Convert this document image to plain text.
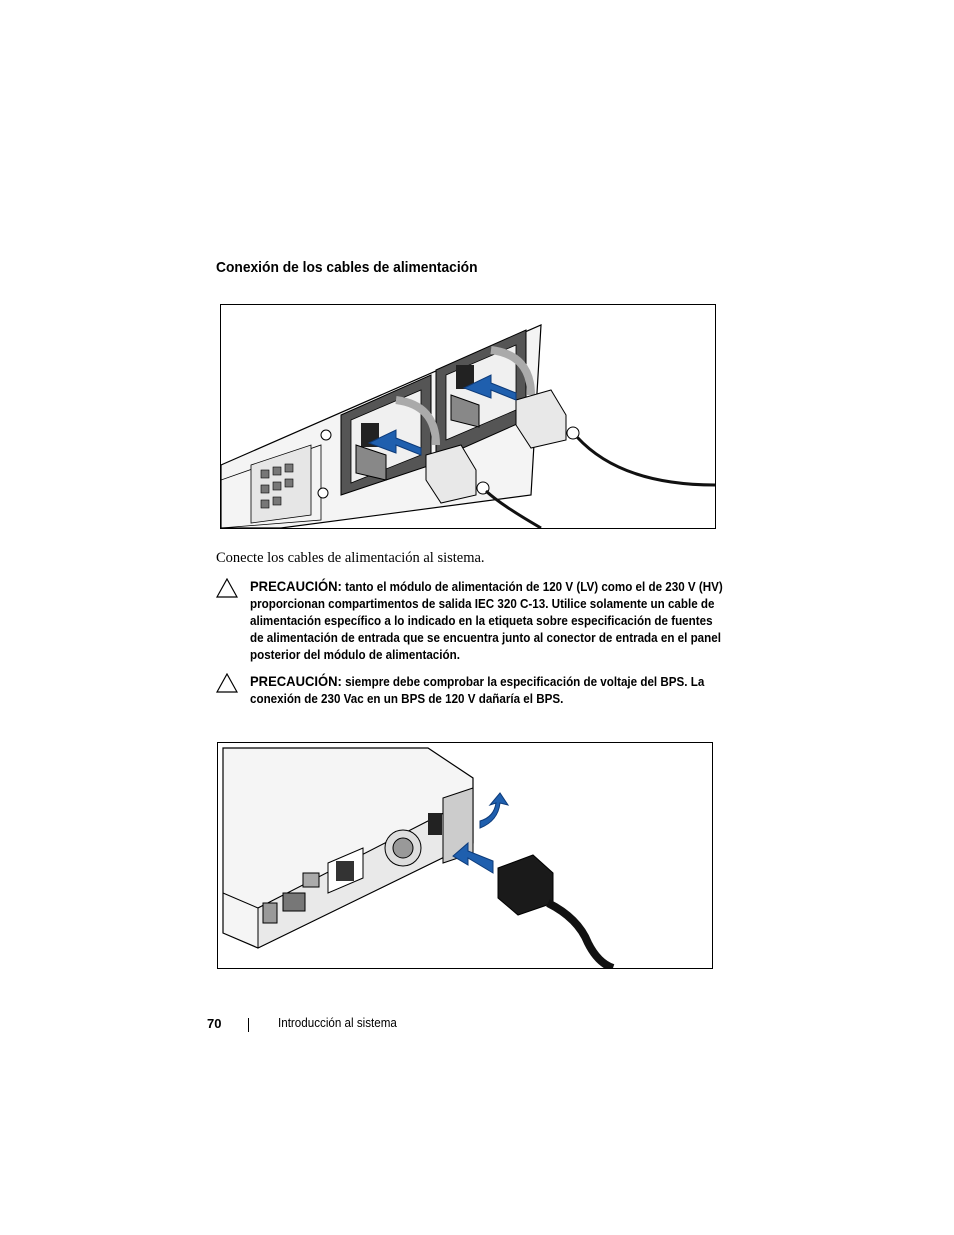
Conexión de los cables de alimentación
Conecte los cables de alimentación al sistema.
PRECAUCIÓN: tanto el módulo de alimentación de 120 V (LV) como el de 230 V (HV) proporcionan compartimentos de salida IEC 320 C-13. Utilice solamente un cable de alimentación específico a lo indicado en la etiqueta sobre especificación de fuentes de alimentación de entrada que se encuentra junto al conector de entrada en el panel posterior del módulo de alimentación.
PRECAUCIÓN: siempre debe comprobar la especificación de voltaje del BPS. La conexión de 230 Vac en un BPS de 120 V dañaría el BPS.
70	Introducción al sistema
